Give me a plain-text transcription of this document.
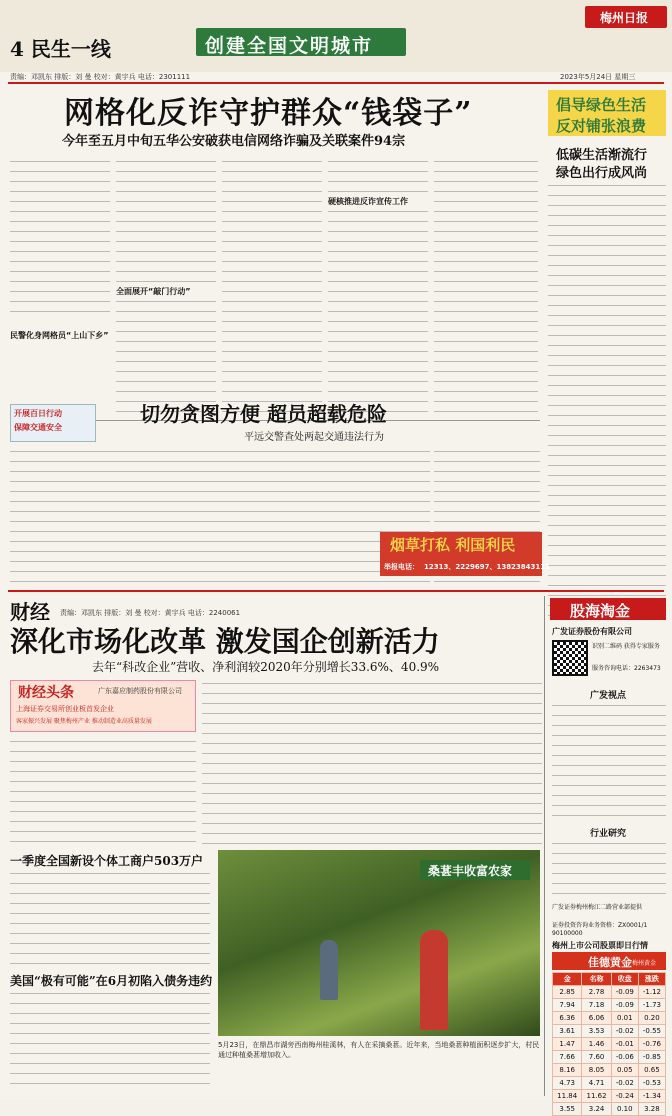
4 民生一线	创建全国文明城市
梅州日报
责编：邓凯东 排版：刘 曼 校对：黄宇兵 电话：2301111	2023年5月24日 星期三
网格化反诈守护群众“钱袋子”
今年至五月中旬五华公安破获电信网络诈骗及关联案件94宗
倡导绿色生活
反对铺张浪费
低碳生活渐流行
绿色出行成风尚
民警化身网格员“上山下乡”
全面展开“敲门行动”
硬核推进反诈宣传工作
开展百日行动
保障交通安全
切勿贪图方便 超员超载危险
平远交警查处两起交通违法行为
烟草打私 利国利民
举报电话： 12313、2229697、13823843111
财经 责编：邓凯东 排版：刘 曼 校对：黄宇兵 电话：2240061
深化市场化改革 激发国企创新活力
去年“科改企业”营收、净利润较2020年分别增长33.6%、40.9%
财经头条	广东嘉应制药股份有限公司
上海证券交易所创业板首发企业
客家振兴发展 聚焦梅州产业 推动制造业高质量发展
一季度全国新设个体工商户503万户
美国“极有可能”在6月初陷入债务违约
桑葚丰收富农家
5月23日，在鼎昌市湖旁西南梅州桂溪林，有人在采摘桑葚。近年来，当地桑葚种植面积逐步扩大，村民通过种植桑葚增加收入。
股海淘金
广发证券股份有限公司
识别二维码 获得专家服务
服务咨询电话：2263473
广发视点
行业研究
广发证券梅州梅江二路营业部提供
证券投资咨询业务资格：ZX0001/1 90100000
梅州上市公司股票即日行情
佳德黄金 梅州黄金
金	名称	收盘	涨跌
2.85	2.78	-0.09	-1.12
7.94	7.18	-0.09	-1.73
6.36	6.06	0.01	0.20
3.61	3.53	-0.02	-0.55
1.47	1.46	-0.01	-0.76
7.66	7.60	-0.06	-0.85
8.16	8.05	0.05	0.65
4.73	4.71	-0.02	-0.53
11.84	11.62	-0.24	-1.34
3.55	3.24	0.10	3.28
